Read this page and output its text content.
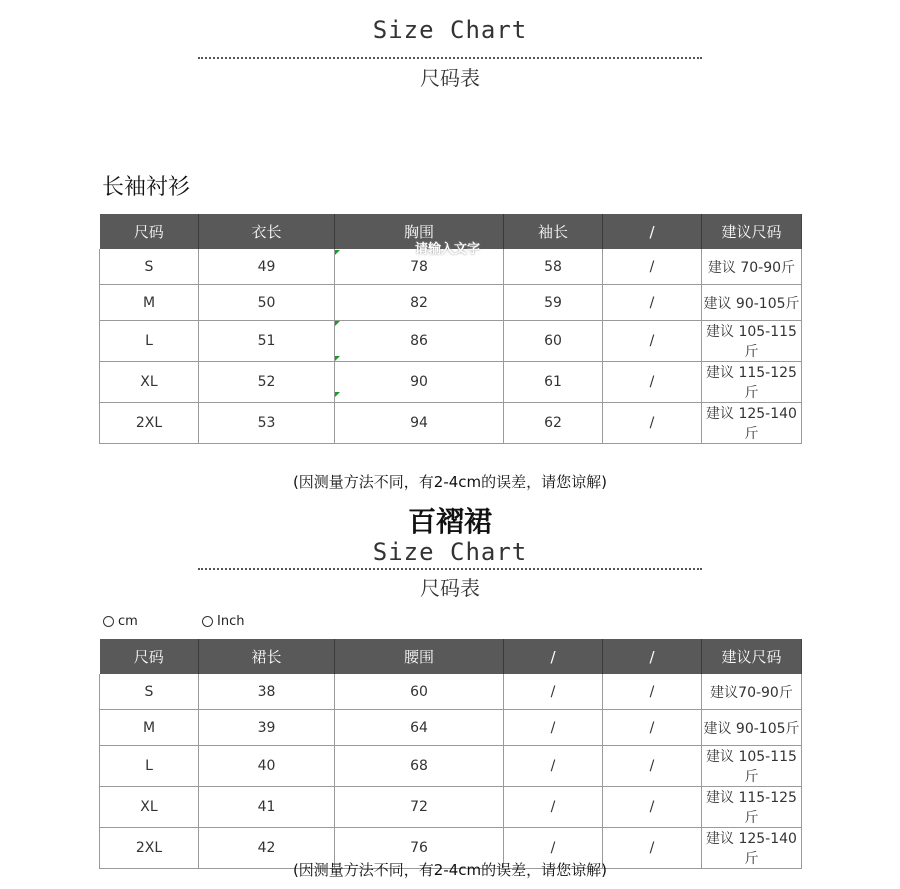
Size Chart
尺码表
长袖衬衫
尺码	衣长	胸围	袖长	/	建议尺码
S	49	78	58	/	建议 70-90斤
M	50	82	59	/	建议 90-105斤
L	51	86	60	/	建议 105-115斤
XL	52	90	61	/	建议 115-125斤
2XL	53	94	62	/	建议 125-140斤
请输入文字
(因测量方法不同，有2-4cm的误差，请您谅解)
百褶裙
Size Chart
尺码表
cm	Inch
尺码	裙长	腰围	/	/	建议尺码
S	38	60	/	/	建议70-90斤
M	39	64	/	/	建议 90-105斤
L	40	68	/	/	建议 105-115斤
XL	41	72	/	/	建议 115-125斤
2XL	42	76	/	/	建议 125-140斤
(因测量方法不同，有2-4cm的误差，请您谅解)
